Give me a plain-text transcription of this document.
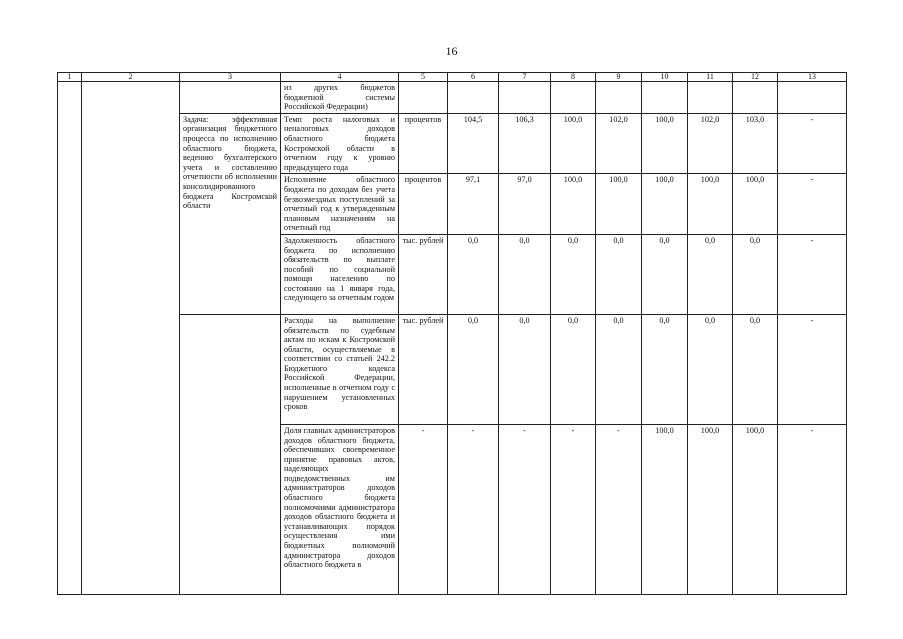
16
1	2	3	4	5	6	7	8	9	10	11	12	13
			из других бюджетов бюджетной системы Российской Федерации)									
		Задача: эффективная организация бюджетного процесса по исполнению областного бюджета, ведению бухгалтерского учета и составлению отчетности об исполнении консолидированного бюджета Костромской области	Темп роста налоговых и неналоговых доходов областного бюджета Костромской области в отчетном году к уровню предыдущего года	процентов	104,5	106,3	100,0	102,0	100,0	102,0	103,0	-
			Исполнение областного бюджета по доходам без учета безвозмездных поступлений за отчетный год к утвержденным плановым назначениям на отчетный год	процентов	97,1	97,0	100,0	100,0	100,0	100,0	100,0	-
			Задолженность областного бюджета по исполнению обязательств по выплате пособий по социальной помощи населению по состоянию на 1 января года, следующего за отчетным годом	тыс. рублей	0,0	0,0	0,0	0,0	0,0	0,0	0,0	-
			Расходы на выполнение обязательств по судебным актам по искам к Костромской области, осуществляемые в соответствии со статьей 242.2 Бюджетного кодекса Российской Федерации, исполненные в отчетном году с нарушением установленных сроков	тыс. рублей	0,0	0,0	0,0	0,0	0,0	0,0	0,0	-
			Доля главных администраторов доходов областного бюджета, обеспечивших своевременное принятие правовых актов, наделяющих подведомственных им администраторов доходов областного бюджета полномочиями администратора доходов областного бюджета и устанавливающих порядок осуществления ими бюджетных полномочий администратора доходов областного бюджета в	-	-	-	-	-	100,0	100,0	100,0	-
